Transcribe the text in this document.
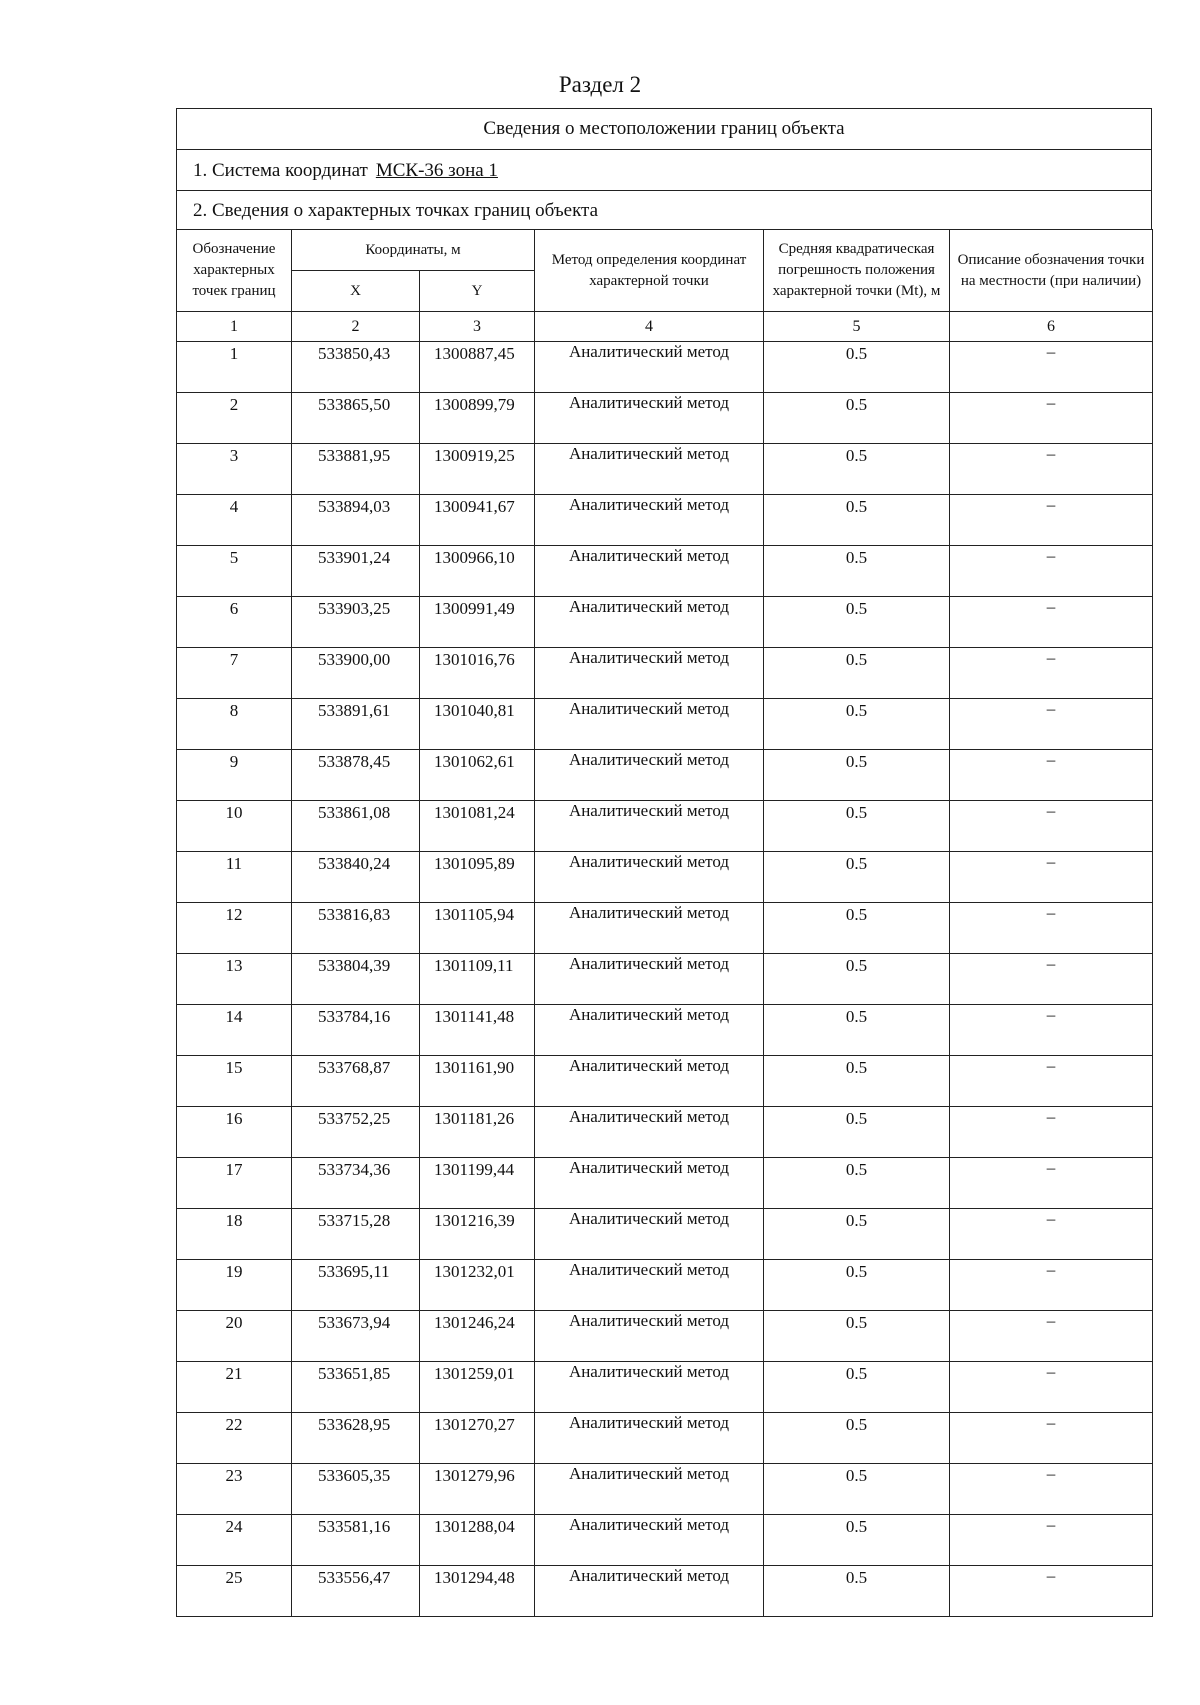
Раздел 2
Сведения о местоположении границ объекта
1. Система координат МСК-36 зона 1
2. Сведения о характерных точках границ объекта
Обозначение характерных точек границ	Координаты, м		Метод определения координат характерной точки	Средняя квадратическая погрешность положения характерной точки (Mt), м	Описание обозначения точки на местности (при наличии)
	X	Y			
1	2	3	4	5	6
1	533850,43	1300887,45	Аналитический метод	0.5	–
2	533865,50	1300899,79	Аналитический метод	0.5	–
3	533881,95	1300919,25	Аналитический метод	0.5	–
4	533894,03	1300941,67	Аналитический метод	0.5	–
5	533901,24	1300966,10	Аналитический метод	0.5	–
6	533903,25	1300991,49	Аналитический метод	0.5	–
7	533900,00	1301016,76	Аналитический метод	0.5	–
8	533891,61	1301040,81	Аналитический метод	0.5	–
9	533878,45	1301062,61	Аналитический метод	0.5	–
10	533861,08	1301081,24	Аналитический метод	0.5	–
11	533840,24	1301095,89	Аналитический метод	0.5	–
12	533816,83	1301105,94	Аналитический метод	0.5	–
13	533804,39	1301109,11	Аналитический метод	0.5	–
14	533784,16	1301141,48	Аналитический метод	0.5	–
15	533768,87	1301161,90	Аналитический метод	0.5	–
16	533752,25	1301181,26	Аналитический метод	0.5	–
17	533734,36	1301199,44	Аналитический метод	0.5	–
18	533715,28	1301216,39	Аналитический метод	0.5	–
19	533695,11	1301232,01	Аналитический метод	0.5	–
20	533673,94	1301246,24	Аналитический метод	0.5	–
21	533651,85	1301259,01	Аналитический метод	0.5	–
22	533628,95	1301270,27	Аналитический метод	0.5	–
23	533605,35	1301279,96	Аналитический метод	0.5	–
24	533581,16	1301288,04	Аналитический метод	0.5	–
25	533556,47	1301294,48	Аналитический метод	0.5	–
